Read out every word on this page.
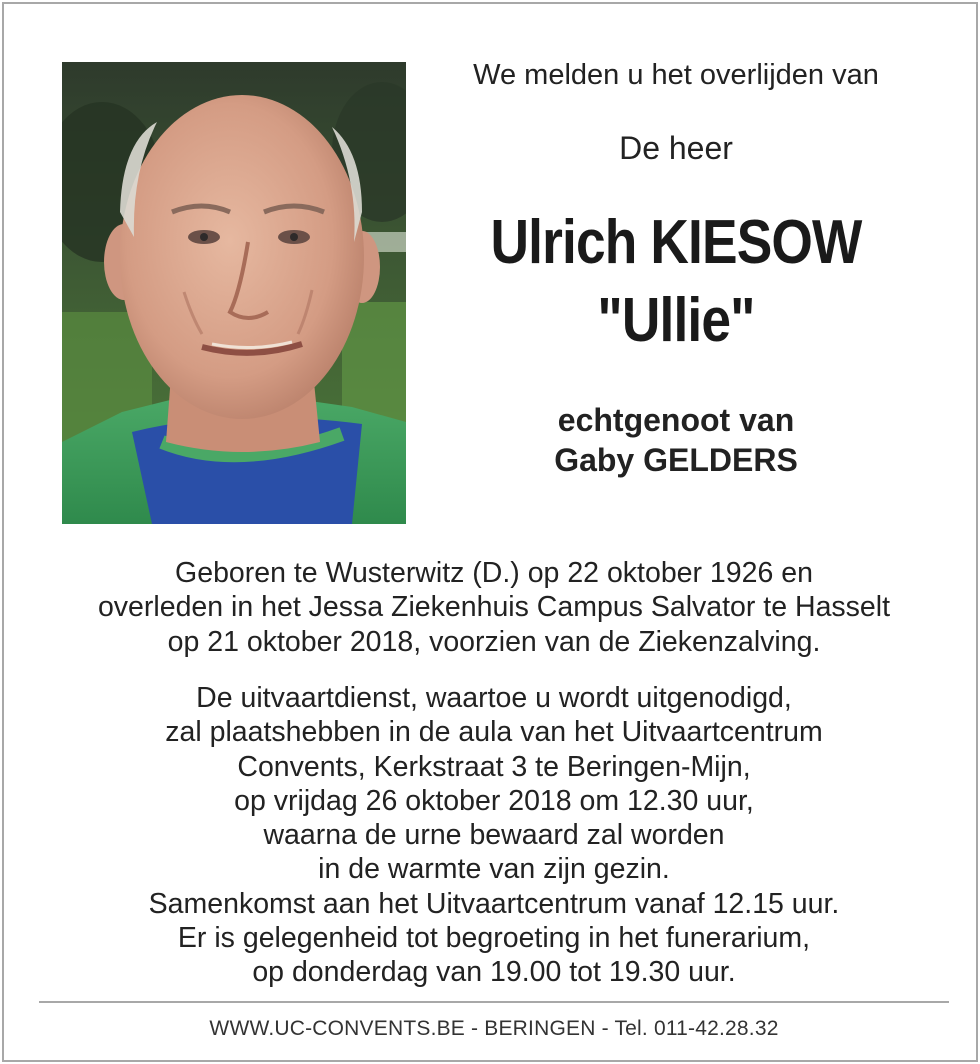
We melden u het overlijden van
De heer
Ulrich KIESOW
"Ullie"
echtgenoot van
Gaby GELDERS
Geboren te Wusterwitz (D.) op 22 oktober 1926 en
overleden in het Jessa Ziekenhuis Campus Salvator te Hasselt
op 21 oktober 2018, voorzien van de Ziekenzalving.
De uitvaartdienst, waartoe u wordt uitgenodigd,
zal plaatshebben in de aula van het Uitvaartcentrum
Convents, Kerkstraat 3 te Beringen-Mijn,
op vrijdag 26 oktober 2018 om 12.30 uur,
waarna de urne bewaard zal worden
in de warmte van zijn gezin.
Samenkomst aan het Uitvaartcentrum vanaf 12.15 uur.
Er is gelegenheid tot begroeting in het funerarium,
op donderdag van 19.00 tot 19.30 uur.
WWW.UC-CONVENTS.BE - BERINGEN - Tel. 011-42.28.32
